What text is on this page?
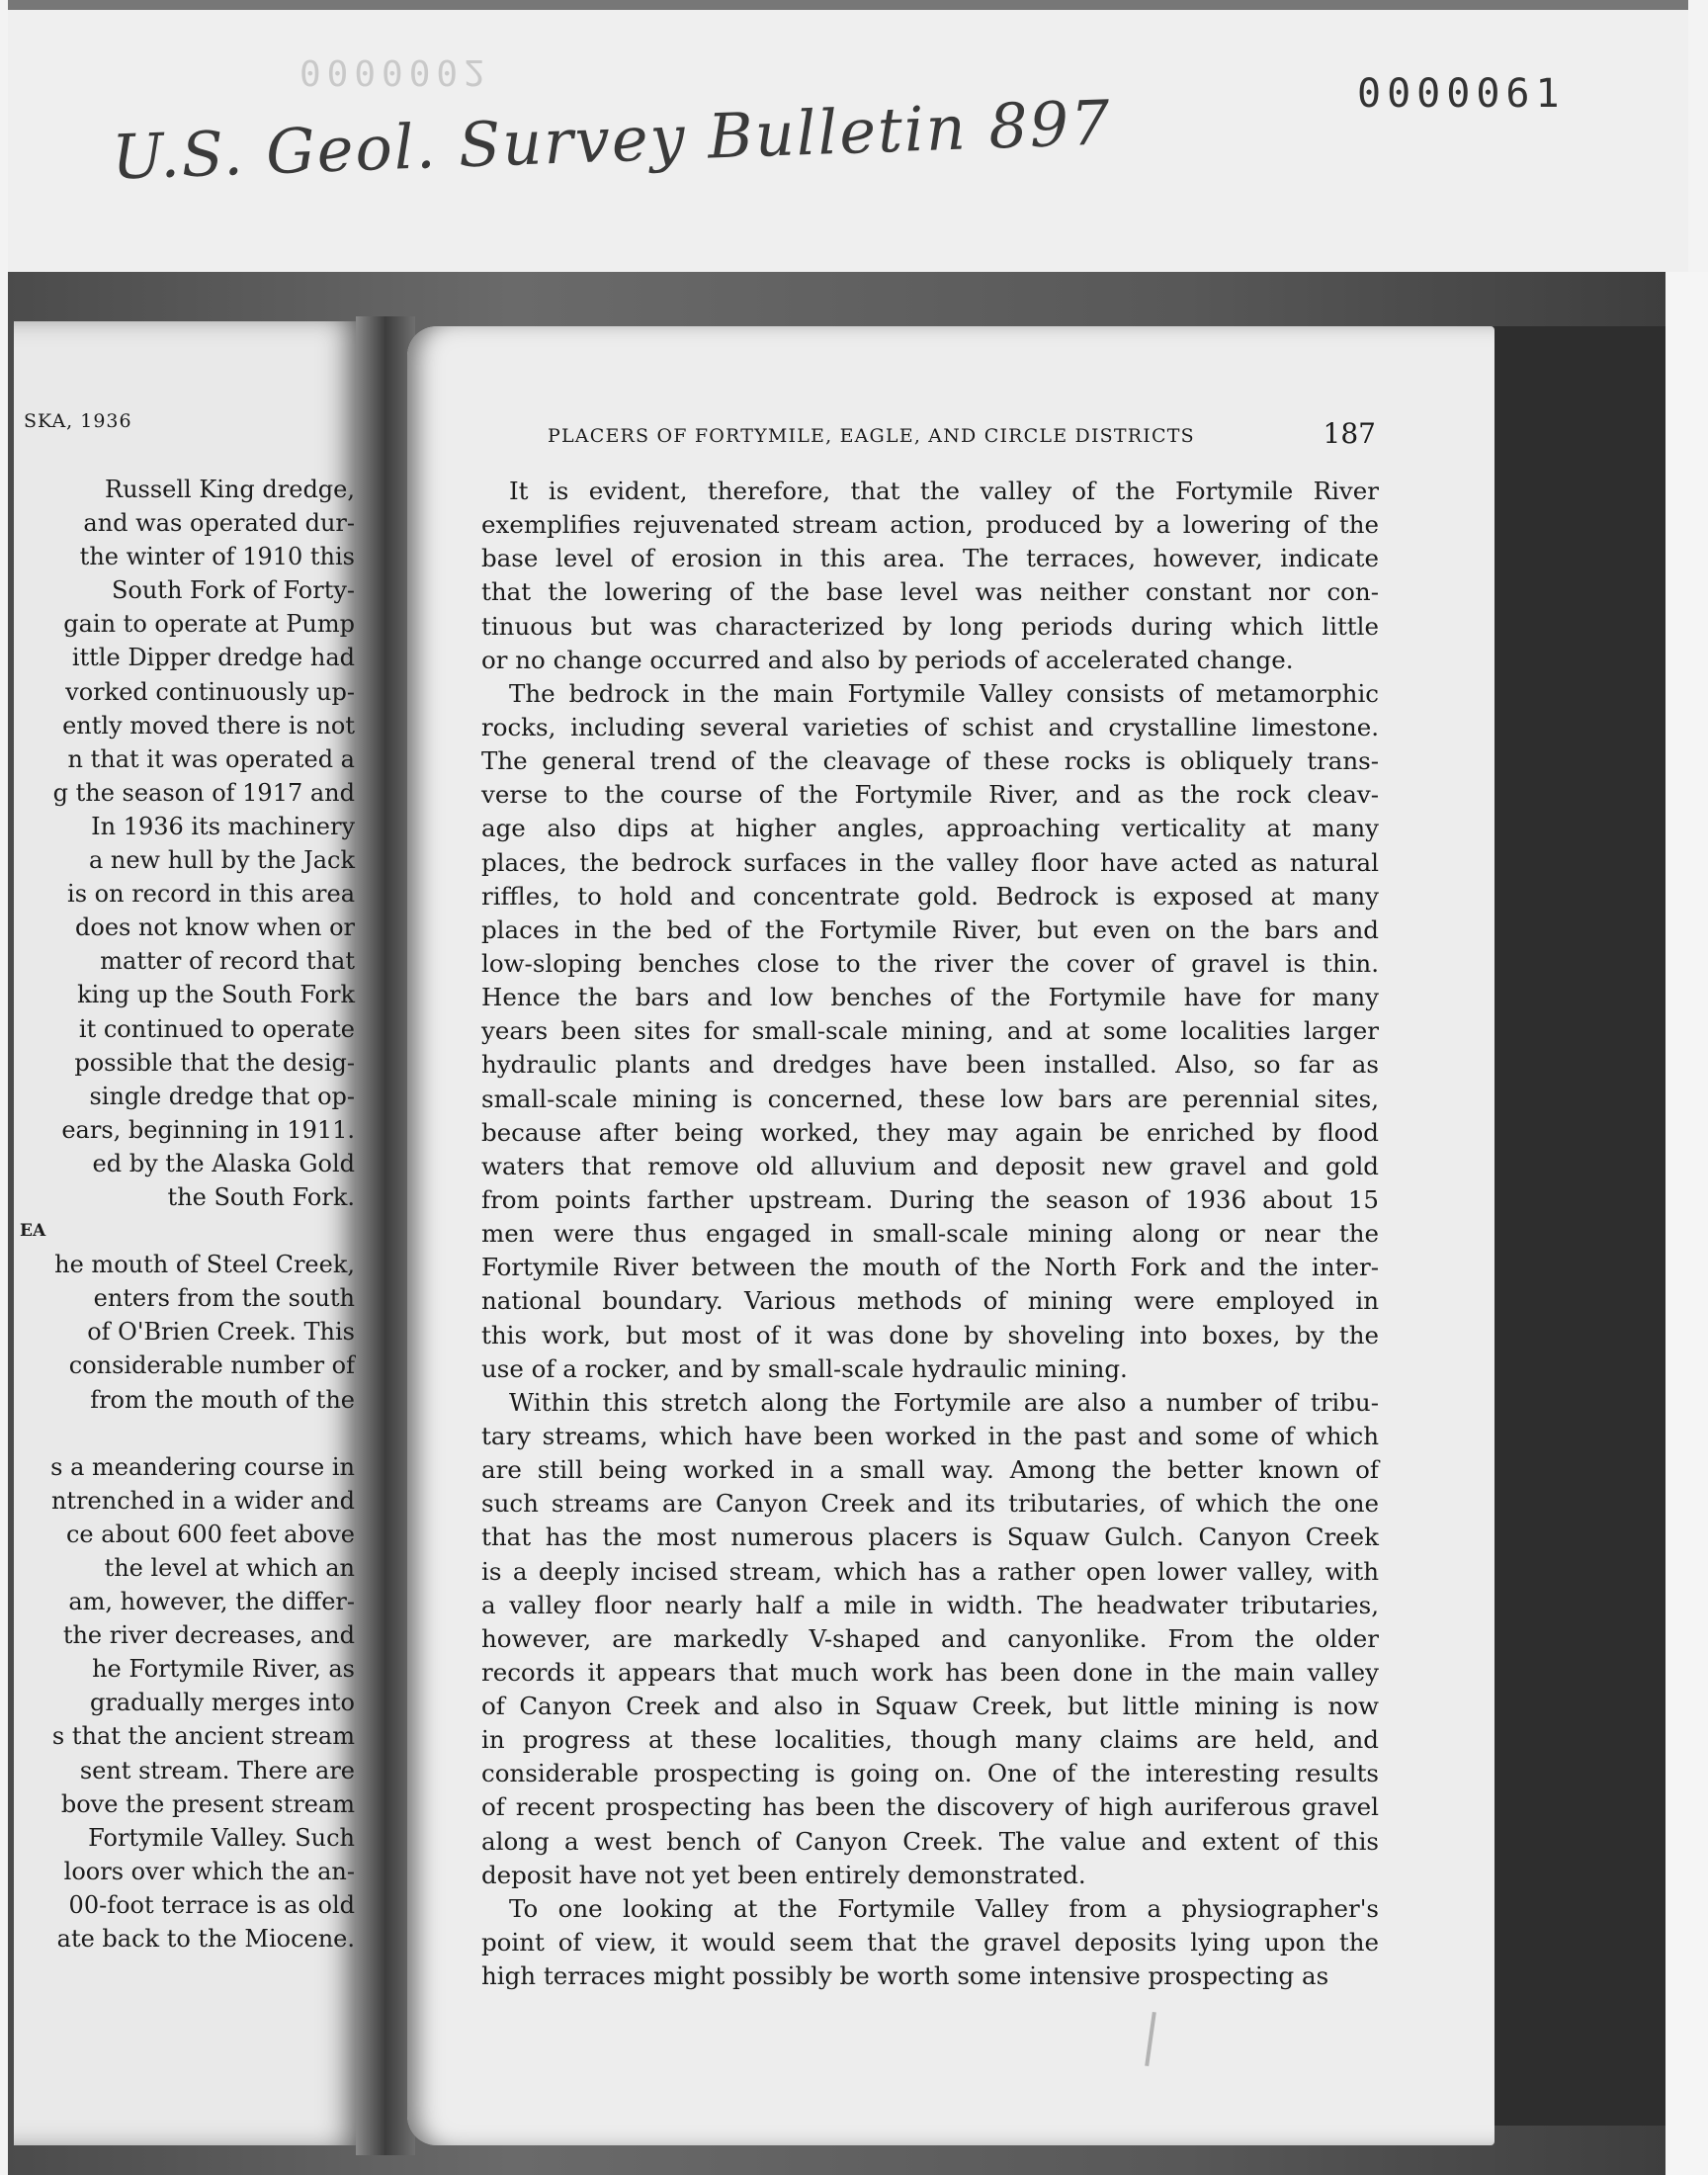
0000002	0000061
U.S. Geol. Survey Bulletin 897
SKA, 1936
Russell King dredge,
and was operated dur-
the winter of 1910 this
South Fork of Forty-
gain to operate at Pump
ittle Dipper dredge had
vorked continuously up-
ently moved there is not
n that it was operated a
g the season of 1917 and
In 1936 its machinery
a new hull by the Jack
is on record in this area
does not know when or
matter of record that
king up the South Fork
it continued to operate
possible that the desig-
single dredge that op-
ears, beginning in 1911.
ed by the Alaska Gold
the South Fork.
EA
he mouth of Steel Creek,
enters from the south
of O'Brien Creek. This
considerable number of
from the mouth of the

s a meandering course in
ntrenched in a wider and
ce about 600 feet above
the level at which an
am, however, the differ-
the river decreases, and
he Fortymile River, as
gradually merges into
s that the ancient stream
sent stream. There are
bove the present stream
Fortymile Valley. Such
loors over which the an-
00-foot terrace is as old
ate back to the Miocene.
PLACERS OF FORTYMILE, EAGLE, AND CIRCLE DISTRICTS	187
It is evident, therefore, that the valley of the Fortymile River
exemplifies rejuvenated stream action, produced by a lowering of the
base level of erosion in this area. The terraces, however, indicate
that the lowering of the base level was neither constant nor con-
tinuous but was characterized by long periods during which little
or no change occurred and also by periods of accelerated change.
The bedrock in the main Fortymile Valley consists of metamorphic
rocks, including several varieties of schist and crystalline limestone.
The general trend of the cleavage of these rocks is obliquely trans-
verse to the course of the Fortymile River, and as the rock cleav-
age also dips at higher angles, approaching verticality at many
places, the bedrock surfaces in the valley floor have acted as natural
riffles, to hold and concentrate gold. Bedrock is exposed at many
places in the bed of the Fortymile River, but even on the bars and
low-sloping benches close to the river the cover of gravel is thin.
Hence the bars and low benches of the Fortymile have for many
years been sites for small-scale mining, and at some localities larger
hydraulic plants and dredges have been installed. Also, so far as
small-scale mining is concerned, these low bars are perennial sites,
because after being worked, they may again be enriched by flood
waters that remove old alluvium and deposit new gravel and gold
from points farther upstream. During the season of 1936 about 15
men were thus engaged in small-scale mining along or near the
Fortymile River between the mouth of the North Fork and the inter-
national boundary. Various methods of mining were employed in
this work, but most of it was done by shoveling into boxes, by the
use of a rocker, and by small-scale hydraulic mining.
Within this stretch along the Fortymile are also a number of tribu-
tary streams, which have been worked in the past and some of which
are still being worked in a small way. Among the better known of
such streams are Canyon Creek and its tributaries, of which the one
that has the most numerous placers is Squaw Gulch. Canyon Creek
is a deeply incised stream, which has a rather open lower valley, with
a valley floor nearly half a mile in width. The headwater tributaries,
however, are markedly V-shaped and canyonlike. From the older
records it appears that much work has been done in the main valley
of Canyon Creek and also in Squaw Creek, but little mining is now
in progress at these localities, though many claims are held, and
considerable prospecting is going on. One of the interesting results
of recent prospecting has been the discovery of high auriferous gravel
along a west bench of Canyon Creek. The value and extent of this
deposit have not yet been entirely demonstrated.
To one looking at the Fortymile Valley from a physiographer's
point of view, it would seem that the gravel deposits lying upon the
high terraces might possibly be worth some intensive prospecting as
